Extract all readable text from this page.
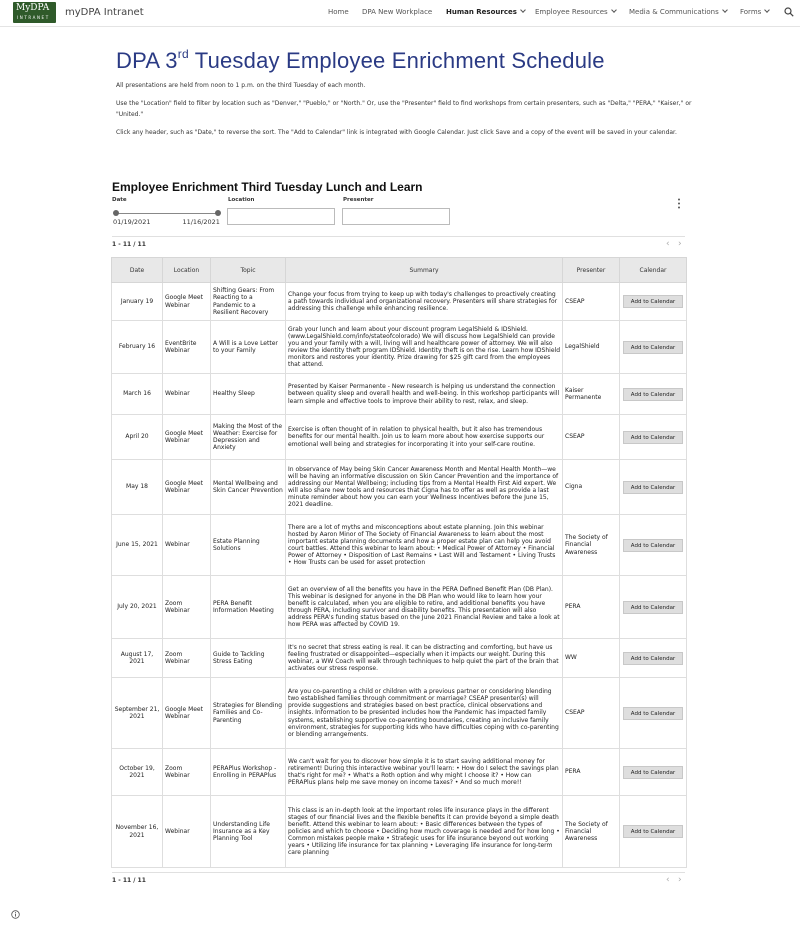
MyDPA
INTRANET myDPA Intranet	Home DPA New Workplace Human Resources	Employee Resources	Media & Communications	Forms
DPA 3rd Tuesday Employee Enrichment Schedule

All presentations are held from noon to 1 p.m. on the third Tuesday of each month.

Use the "Location" field to filter by location such as "Denver," "Pueblo," or "North." Or, use the "Presenter" field to find workshops from certain presenters, such as "Delta," "PERA," "Kaiser," or "United."

Click any header, such as "Date," to reverse the sort. The "Add to Calendar" link is integrated with Google Calendar. Just click Save and a copy of the event will be saved in your calendar.

Employee Enrichment Third Tuesday Lunch and Learn
Date
01/19/2021	11/16/2021
Location	Presenter
1 - 11 / 11	‹ ›
Date	Location	Topic	Summary	Presenter	Calendar
January 19	Google Meet Webinar	Shifting Gears: From Reacting to a Pandemic to a Resilient Recovery	Change your focus from trying to keep up with today's challenges to proactively creating a path towards individual and organizational recovery. Presenters will share strategies for addressing this challenge while enhancing resilience.	CSEAP	Add to Calendar
February 16	EventBrite Webinar	A Will is a Love Letter to your Family	Grab your lunch and learn about your discount program LegalShield & IDShield. (www.LegalShield.com/info/stateofcolorado) We will discuss how LegalShield can provide you and your family with a will, living will and healthcare power of attorney. We will also review the identity theft program IDShield. Identity theft is on the rise. Learn how IDShield monitors and restores your identity. Prize drawing for $25 gift card from the employees that attend.	LegalShield	Add to Calendar
March 16	Webinar	Healthy Sleep	Presented by Kaiser Permanente - New research is helping us understand the connection between quality sleep and overall health and well-being. In this workshop participants will learn simple and effective tools to improve their ability to rest, relax, and sleep.	Kaiser Permanente	Add to Calendar
April 20	Google Meet Webinar	Making the Most of the Weather: Exercise for Depression and Anxiety	Exercise is often thought of in relation to physical health, but it also has tremendous benefits for our mental health. Join us to learn more about how exercise supports our emotional well being and strategies for incorporating it into your self-care routine.	CSEAP	Add to Calendar
May 18	Google Meet Webinar	Mental Wellbeing and Skin Cancer Prevention	In observance of May being Skin Cancer Awareness Month and Mental Health Month—we will be having an informative discussion on Skin Cancer Prevention and the importance of addressing our Mental Wellbeing; including tips from a Mental Health First Aid expert. We will also share new tools and resources that Cigna has to offer as well as provide a last minute reminder about how you can earn your Wellness Incentives before the June 15, 2021 deadline.	Cigna	Add to Calendar
June 15, 2021	Webinar	Estate Planning Solutions	There are a lot of myths and misconceptions about estate planning. Join this webinar hosted by Aaron Minor of The Society of Financial Awareness to learn about the most important estate planning documents and how a proper estate plan can help you avoid court battles. Attend this webinar to learn about: • Medical Power of Attorney • Financial Power of Attorney • Disposition of Last Remains • Last Will and Testament • Living Trusts • How Trusts can be used for asset protection	The Society of Financial Awareness	Add to Calendar
July 20, 2021	Zoom Webinar	PERA Benefit Information Meeting	Get an overview of all the benefits you have in the PERA Defined Benefit Plan (DB Plan). This webinar is designed for anyone in the DB Plan who would like to learn how your benefit is calculated, when you are eligible to retire, and additional benefits you have through PERA, including survivor and disability benefits. This presentation will also address PERA's funding status based on the June 2021 Financial Review and take a look at how PERA was affected by COVID 19.	PERA	Add to Calendar
August 17, 2021	Zoom Webinar	Guide to Tackling Stress Eating	It's no secret that stress eating is real. It can be distracting and comforting, but have us feeling frustrated or disappointed—especially when it impacts our weight. During this webinar, a WW Coach will walk through techniques to help quiet the part of the brain that activates our stress response.	WW	Add to Calendar
September 21, 2021	Google Meet Webinar	Strategies for Blending Families and Co-Parenting	Are you co-parenting a child or children with a previous partner or considering blending two established families through commitment or marriage? CSEAP presenter(s) will provide suggestions and strategies based on best practice, clinical observations and insights. Information to be presented includes how the Pandemic has impacted family systems, establishing supportive co-parenting boundaries, creating an inclusive family environment, strategies for supporting kids who have difficulties coping with co-parenting or blending arrangements.	CSEAP	Add to Calendar
October 19, 2021	Zoom Webinar	PERAPlus Workshop - Enrolling in PERAPlus	We can't wait for you to discover how simple it is to start saving additional money for retirement! During this interactive webinar you'll learn: • How do I select the savings plan that's right for me? • What's a Roth option and why might I choose it? • How can PERAPlus plans help me save money on income taxes? • And so much more!!	PERA	Add to Calendar
November 16, 2021	Webinar	Understanding Life Insurance as a Key Planning Tool	This class is an in-depth look at the important roles life insurance plays in the different stages of our financial lives and the flexible benefits it can provide beyond a simple death benefit. Attend this webinar to learn about: • Basic differences between the types of policies and which to choose • Deciding how much coverage is needed and for how long • Common mistakes people make • Strategic uses for life insurance beyond out working years • Utilizing life insurance for tax planning • Leveraging life insurance for long-term care planning	The Society of Financial Awareness	Add to Calendar
1 - 11 / 11	‹ ›
